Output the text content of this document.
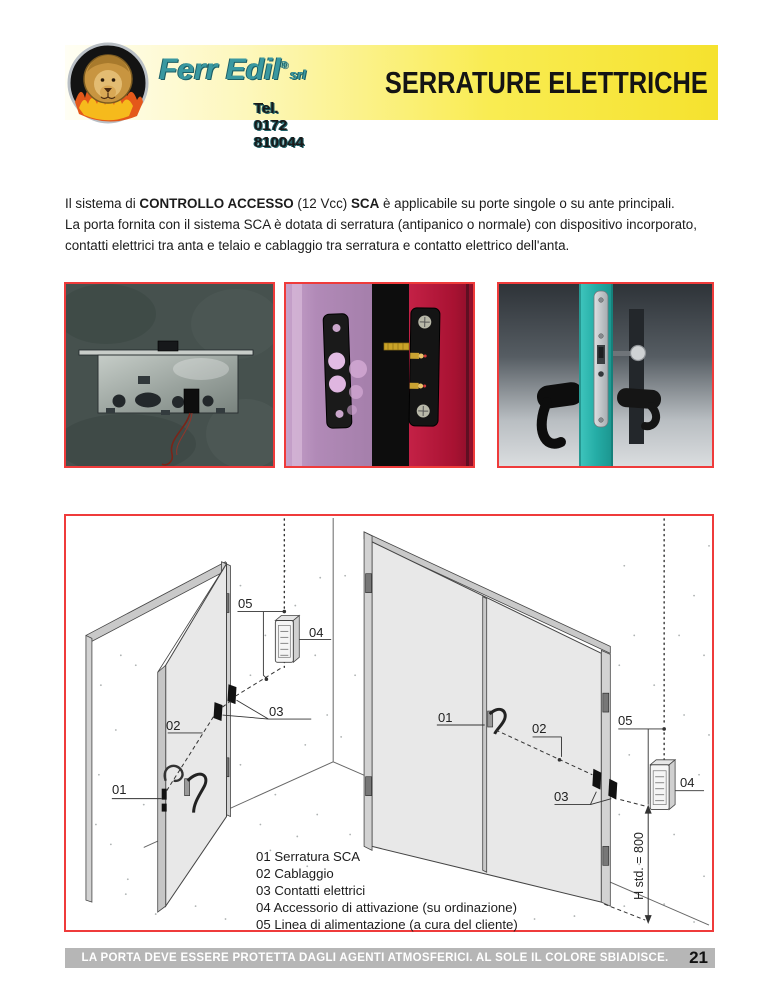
Ferr Edil®srl
Tel. 0172 810044
SERRATURE ELETTRICHE

Il sistema di CONTROLLO ACCESSO (12 Vcc) SCA è applicabile su porte singole o su ante principali.
La porta fornita con il sistema SCA è dotata di serratura (antipanico o normale) con dispositivo incorporato, contatti elettrici tra anta e telaio e cablaggio tra serratura e contatto elettrico dell'anta.

05
04
03
02
01
01
02
03
05
04
H std. = 800
01 Serratura SCA
02 Cablaggio
03 Contatti elettrici
04 Accessorio di attivazione (su ordinazione)
05 Linea di alimentazione (a cura del cliente)
LA PORTA DEVE ESSERE PROTETTA DAGLI AGENTI ATMOSFERICI. AL SOLE IL COLORE SBIADISCE.	21
